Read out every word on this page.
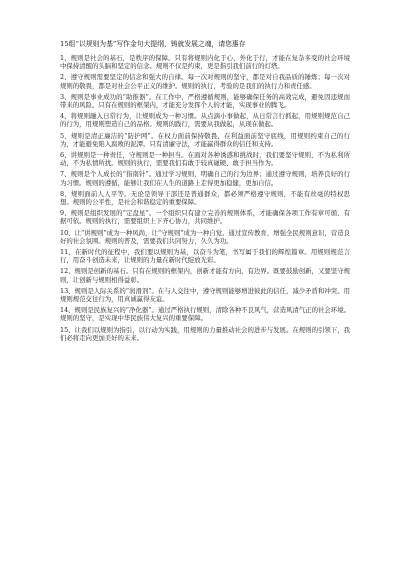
15组“以规则为基”写作金句大提纲，铸就发展之魂，请您惠存

1、规则是社会的基石，是秩序的保障。只有将规则内化于心、外化于行，才能在复杂多变的社会环境中保持清醒的头脑和坚定的信念。规则不仅是约束，更是指引我们前行的灯塔。

2、遵守规则需要坚定的信念和强大的自律。每一次对规则的坚守，都是对自我品质的锤炼；每一次对规则的敬畏，都是对社会公平正义的维护。规则的执行，考验的是我们的执行力和责任感。

3、规则是事业成功的“助推器”。在工作中，严格遵循规则，能够确保任务的高效完成，避免因违规而带来的风险。只有在规则的框架内，才能充分发挥个人的才能，实现事业的腾飞。

4、将规则融入日常行为，让规则成为一种习惯。从点滴小事做起，从日常言行抓起，用规则规范自己的行为，用规则塑造自己的品格。规则的践行，需要从我做起，从现在做起。

5、规则是清正廉洁的“防护网”。在权力面前保持敬畏，在利益面前坚守底线，用规则约束自己的行为，才能避免陷入腐败的泥潭。只有清廉守法，才能赢得群众的信任和支持。

6、讲规则是一种责任，守规则是一种担当。在面对各种诱惑和挑战时，我们要坚守规则，不为私利所动，不为私情所扰。规则的执行，需要我们有敢于较真碰硬、敢于担当作为。

7、规则是个人成长的“指南针”。通过学习规则，明确自己的行为边界；通过遵守规则，培养良好的行为习惯。规则的遵循，能够让我们在人生的道路上走得更加稳健，更加自信。

8、规则面前人人平等。无论是领导干部还是普通群众，都必须严格遵守规则，不能有丝毫的特权思想。规则的公平性，是社会和谐稳定的重要保障。

9、规则是组织发展的“定盘星”。一个组织只有建立完善的规则体系，才能确保各项工作有章可循、有据可依。规则的执行，需要组织上下齐心协力，共同维护。

10、让“讲规则”成为一种风尚，让“守规则”成为一种自觉。通过宣传教育，增强全民规则意识，营造良好的社会氛围。规则的普及，需要我们共同努力，久久为功。

11、在新时代的征程中，我们要以规则为基，以奋斗为笔，书写属于我们的辉煌篇章。用规则规范言行，用奋斗创造未来，让规则的力量在新时代绽放光彩。

12、规则是创新的基石。只有在规则的框架内，创新才能有方向、有边界。既要鼓励创新，又要坚守规则，让创新与规则相得益彰。

13、规则是人际关系的“润滑剂”。在与人交往中，遵守规则能够增进彼此的信任，减少矛盾和冲突。用规则规范交往行为，用真诚赢得友谊。

14、规则是民族复兴的“净化器”。通过严格执行规则，清除各种不良风气，营造风清气正的社会环境。规则的坚守，是实现中华民族伟大复兴的重要保障。

15、让我们以规则为指引，以行动为实践，用规则的力量推动社会的进步与发展。在规则的引领下，我们必将走向更加美好的未来。
